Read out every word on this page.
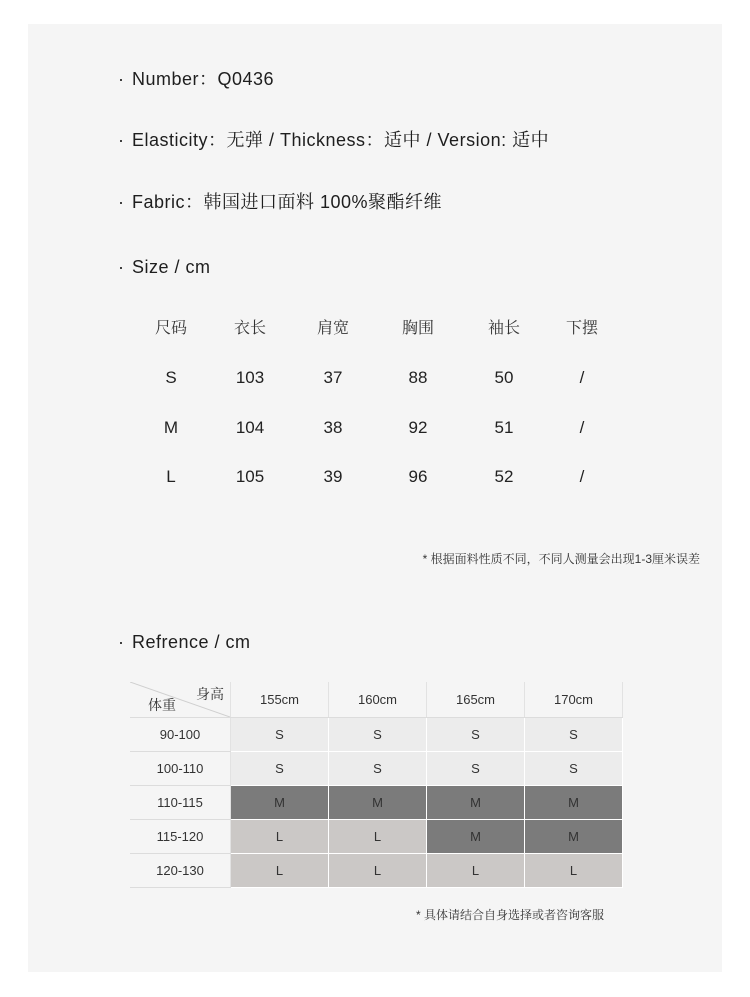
· Number：Q0436
· Elasticity：无弹 / Thickness：适中 / Version: 适中
· Fabric：韩国进口面料 100%聚酯纤维
· Size / cm
尺码	衣长	肩宽	胸围	袖长	下摆
S	103	37	88	50	/
M	104	38	92	51	/
L	105	39	96	52	/
* 根据面料性质不同，不同人测量会出现1-3厘米误差
· Refrence / cm
身高
体重	155cm	160cm	165cm	170cm
90-100	S	S	S	S
100-110	S	S	S	S
110-115	M	M	M	M
115-120	L	L	M	M
120-130	L	L	L	L
* 具体请结合自身选择或者咨询客服
